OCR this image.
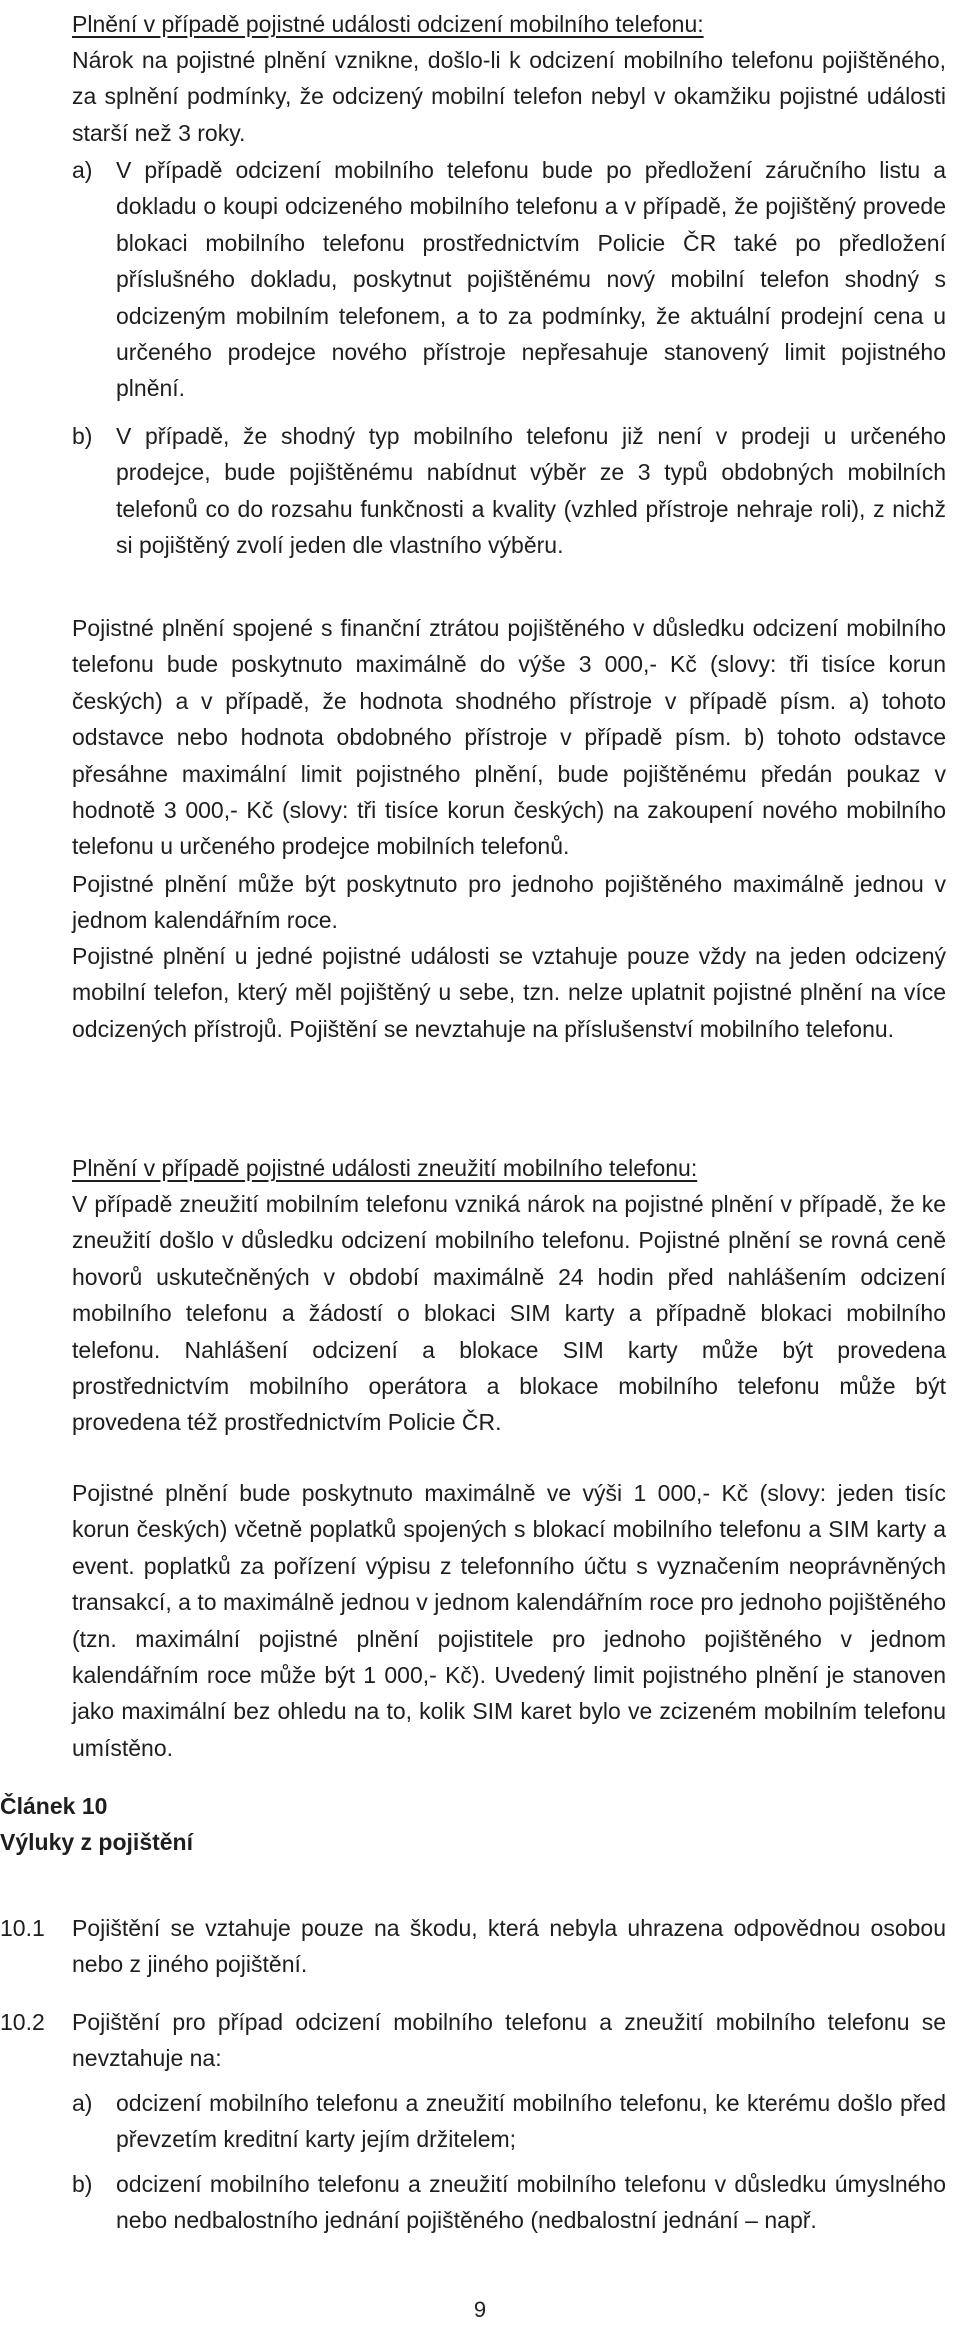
Plnění v případě pojistné události odcizení mobilního telefonu:

Nárok na pojistné plnění vznikne, došlo-li k odcizení mobilního telefonu pojištěného, za splnění podmínky, že odcizený mobilní telefon nebyl v okamžiku pojistné události starší než 3 roky.

a) V případě odcizení mobilního telefonu bude po předložení záručního listu a dokladu o koupi odcizeného mobilního telefonu a v případě, že pojištěný provede blokaci mobilního telefonu prostřednictvím Policie ČR také po předložení příslušného dokladu, poskytnut pojištěnému nový mobilní telefon shodný s odcizeným mobilním telefonem, a to za podmínky, že aktuální prodejní cena u určeného prodejce nového přístroje nepřesahuje stanovený limit pojistného plnění.

b) V případě, že shodný typ mobilního telefonu již není v prodeji u určeného prodejce, bude pojištěnému nabídnut výběr ze 3 typů obdobných mobilních telefonů co do rozsahu funkčnosti a kvality (vzhled přístroje nehraje roli), z nichž si pojištěný zvolí jeden dle vlastního výběru.

Pojistné plnění spojené s finanční ztrátou pojištěného v důsledku odcizení mobilního telefonu bude poskytnuto maximálně do výše 3 000,- Kč (slovy: tři tisíce korun českých) a v případě, že hodnota shodného přístroje v případě písm. a) tohoto odstavce nebo hodnota obdobného přístroje v případě písm. b) tohoto odstavce přesáhne maximální limit pojistného plnění, bude pojištěnému předán poukaz v hodnotě 3 000,- Kč (slovy: tři tisíce korun českých) na zakoupení nového mobilního telefonu u určeného prodejce mobilních telefonů.

Pojistné plnění může být poskytnuto pro jednoho pojištěného maximálně jednou v jednom kalendářním roce.

Pojistné plnění u jedné pojistné události se vztahuje pouze vždy na jeden odcizený mobilní telefon, který měl pojištěný u sebe, tzn. nelze uplatnit pojistné plnění na více odcizených přístrojů. Pojištění se nevztahuje na příslušenství mobilního telefonu.

Plnění v případě pojistné události zneužití mobilního telefonu:

V případě zneužití mobilním telefonu vzniká nárok na pojistné plnění v případě, že ke zneužití došlo v důsledku odcizení mobilního telefonu. Pojistné plnění se rovná ceně hovorů uskutečněných v období maximálně 24 hodin před nahlášením odcizení mobilního telefonu a žádostí o blokaci SIM karty a případně blokaci mobilního telefonu. Nahlášení odcizení a blokace SIM karty může být provedena prostřednictvím mobilního operátora a blokace mobilního telefonu může být provedena též prostřednictvím Policie ČR.

Pojistné plnění bude poskytnuto maximálně ve výši 1 000,- Kč (slovy: jeden tisíc korun českých) včetně poplatků spojených s blokací mobilního telefonu a SIM karty a event. poplatků za pořízení výpisu z telefonního účtu s vyznačením neoprávněných transakcí, a to maximálně jednou v jednom kalendářním roce pro jednoho pojištěného (tzn. maximální pojistné plnění pojistitele pro jednoho pojištěného v jednom kalendářním roce může být 1 000,- Kč). Uvedený limit pojistného plnění je stanoven jako maximální bez ohledu na to, kolik SIM karet bylo ve zcizeném mobilním telefonu umístěno.

Článek 10
Výluky z pojištění
10.1 Pojištění se vztahuje pouze na škodu, která nebyla uhrazena odpovědnou osobou nebo z jiného pojištění.

10.2 Pojištění pro případ odcizení mobilního telefonu a zneužití mobilního telefonu se nevztahuje na:

a) odcizení mobilního telefonu a zneužití mobilního telefonu, ke kterému došlo před převzetím kreditní karty jejím držitelem;

b) odcizení mobilního telefonu a zneužití mobilního telefonu v důsledku úmyslného nebo nedbalostního jednání pojištěného (nedbalostní jednání – např.

9
